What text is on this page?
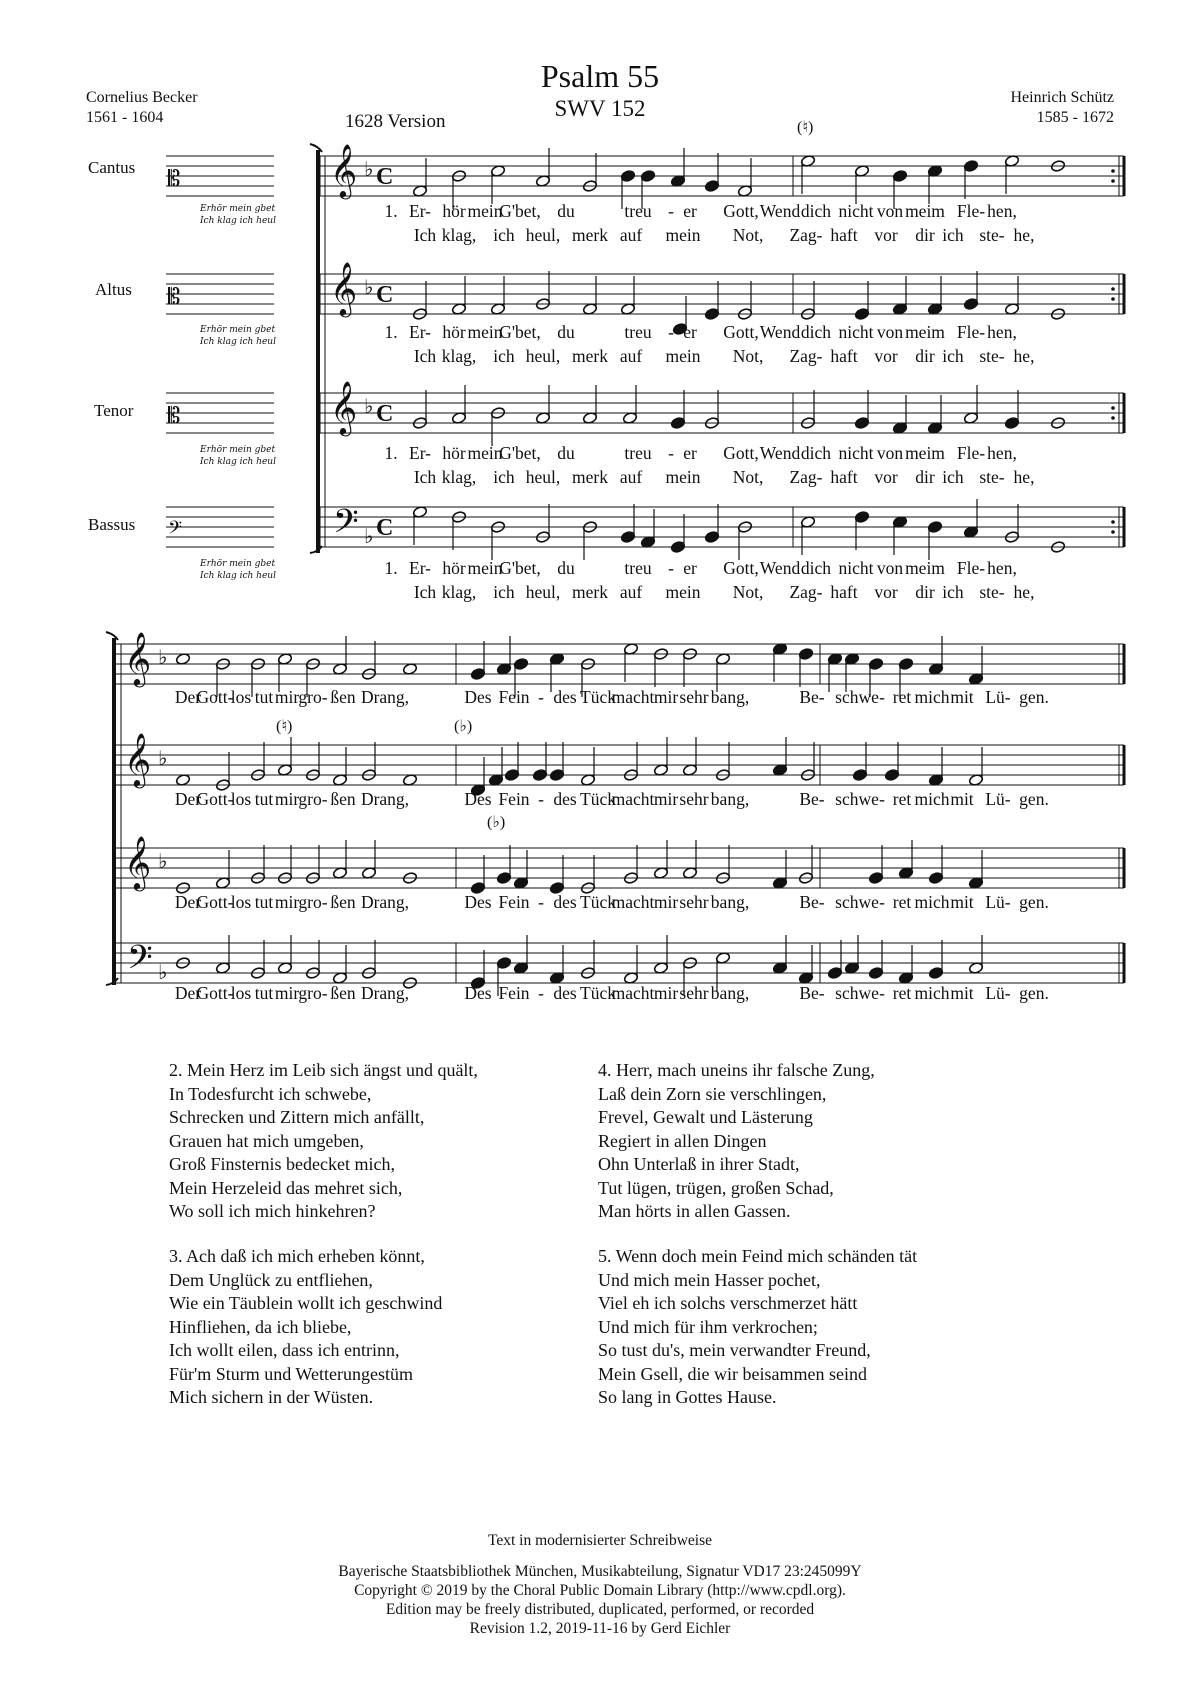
Psalm 55
SWV 152
Cornelius Becker
1561 - 1604
Heinrich Schütz
1585 - 1672
1628 Version	(♮)
Cantus
Altus
Tenor
Bassus
Erhör mein gbet
Ich klag ich heul
Erhör mein gbet
Ich klag ich heul
Erhör mein gbet
Ich klag ich heul
Erhör mein gbet
Ich klag ich heul
𝄞 ♭ C
𝄞 ♭ C
𝄞 ♭ C
𝄢 ♭ C
𝄞 ♭
𝄞 ♭
𝄞 ♭
𝄢 ♭
𝄡
𝄡
𝄡
𝄢
1. Er- hör mein
G'bet, du	treu - er Gott, Wend dich nicht von meim Fle- hen,
1. Er- hör mein
G'bet, du	treu - er Gott, Wend dich nicht von meim Fle- hen,
1. Er- hör mein
G'bet, du	treu - er Gott, Wend dich nicht von meim Fle- hen,
1. Er- hör mein
G'bet, du	treu - er Gott, Wend dich nicht von meim Fle- hen,
Ich klag, ich heul, merk auf mein Not, Zag- haft vor dir ich ste- he,
Ich klag, ich heul, merk auf mein Not, Zag- haft vor dir ich ste- he,
Ich klag, ich heul, merk auf mein Not, Zag- haft vor dir ich ste- he,
Ich klag, ich heul, merk auf mein Not, Zag- haft vor dir ich ste- he,
Der
Gott-
los tut mir gro- ßen Drang,	Des Fein - des Tück
macht mir sehr bang,	Be- schwe - ret mich mit Lü- gen.
Der
Gott-
los tut mir gro- ßen Drang,	Des Fein - des Tück
macht mir sehr bang,	Be- schwe - ret mich mit Lü- gen.
Der
Gott-
los tut mir gro- ßen Drang,	Des Fein - des Tück
macht mir sehr bang,	Be- schwe - ret mich mit Lü- gen.
Der
Gott-
los tut mir gro- ßen Drang,	Des Fein - des Tück
macht mir sehr bang,	Be- schwe - ret mich mit Lü- gen.
(♮)	(♭)
(♭)
2. Mein Herz im Leib sich ängst und quält,
In Todesfurcht ich schwebe,
Schrecken und Zittern mich anfällt,
Grauen hat mich umgeben,
Groß Finsternis bedecket mich,
Mein Herzeleid das mehret sich,
Wo soll ich mich hinkehren?
3. Ach daß ich mich erheben könnt,
Dem Unglück zu entfliehen,
Wie ein Täublein wollt ich geschwind
Hinfliehen, da ich bliebe,
Ich wollt eilen, dass ich entrinn,
Für'm Sturm und Wetterungestüm
Mich sichern in der Wüsten.
4. Herr, mach uneins ihr falsche Zung,
Laß dein Zorn sie verschlingen,
Frevel, Gewalt und Lästerung
Regiert in allen Dingen
Ohn Unterlaß in ihrer Stadt,
Tut lügen, trügen, großen Schad,
Man hörts in allen Gassen.
5. Wenn doch mein Feind mich schänden tät
Und mich mein Hasser pochet,
Viel eh ich solchs verschmerzet hätt
Und mich für ihm verkrochen;
So tust du's, mein verwandter Freund,
Mein Gsell, die wir beisammen seind
So lang in Gottes Hause.
Text in modernisierter Schreibweise
Bayerische Staatsbibliothek München, Musikabteilung, Signatur VD17 23:245099Y
Copyright © 2019 by the Choral Public Domain Library (http://www.cpdl.org).
Edition may be freely distributed, duplicated, performed, or recorded
Revision 1.2, 2019-11-16 by Gerd Eichler
